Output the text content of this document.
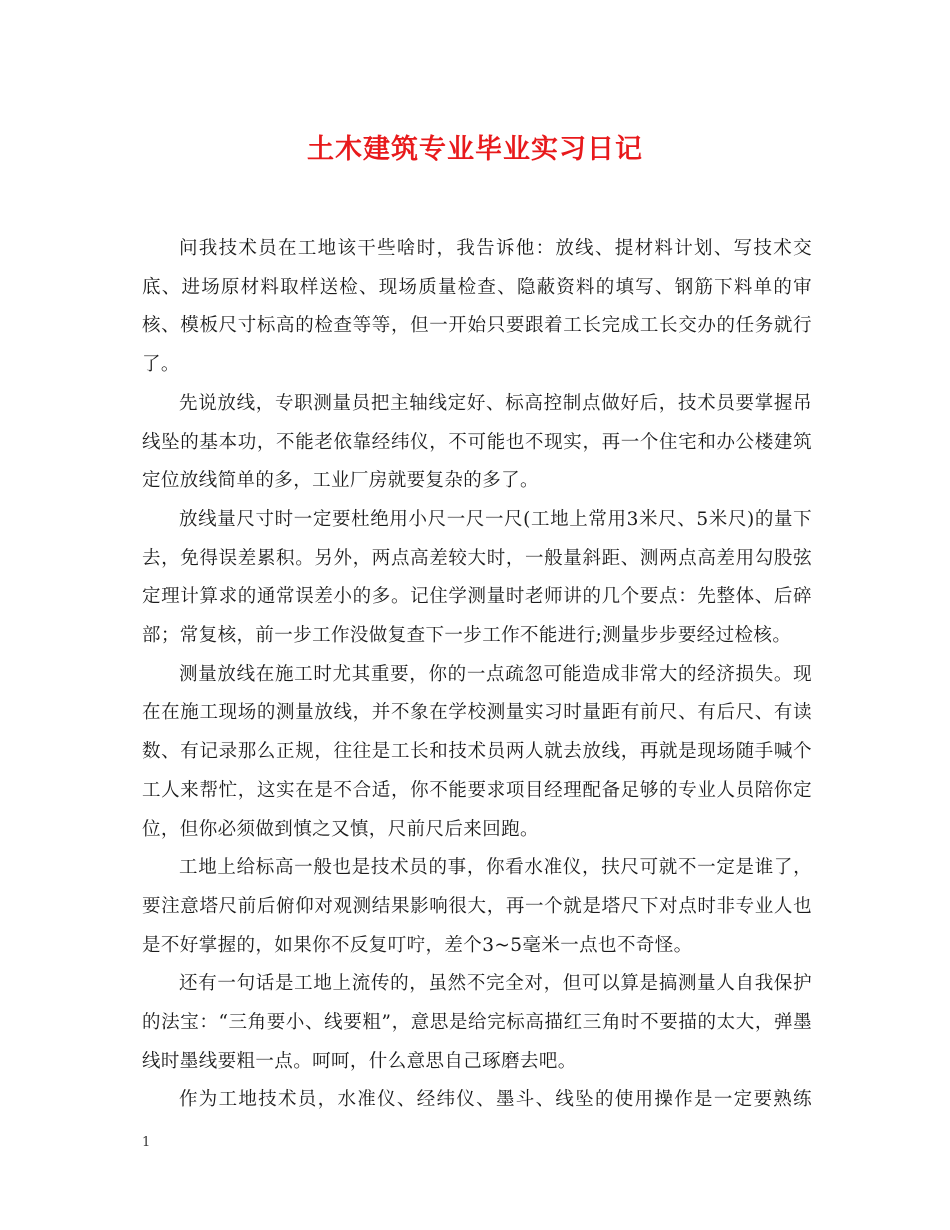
土木建筑专业毕业实习日记

问我技术员在工地该干些啥时，我告诉他：放线、提材料计划、写技术交底、进场原材料取样送检、现场质量检查、隐蔽资料的填写、钢筋下料单的审核、模板尺寸标高的检查等等，但一开始只要跟着工长完成工长交办的任务就行了。

先说放线，专职测量员把主轴线定好、标高控制点做好后，技术员要掌握吊线坠的基本功，不能老依靠经纬仪，不可能也不现实，再一个住宅和办公楼建筑定位放线简单的多，工业厂房就要复杂的多了。

放线量尺寸时一定要杜绝用小尺一尺一尺(工地上常用3米尺、5米尺)的量下去，免得误差累积。另外，两点高差较大时，一般量斜距、测两点高差用勾股弦定理计算求的通常误差小的多。记住学测量时老师讲的几个要点：先整体、后碎部；常复核，前一步工作没做复查下一步工作不能进行;测量步步要经过检核。

测量放线在施工时尤其重要，你的一点疏忽可能造成非常大的经济损失。现在在施工现场的测量放线，并不象在学校测量实习时量距有前尺、有后尺、有读数、有记录那么正规，往往是工长和技术员两人就去放线，再就是现场随手喊个工人来帮忙，这实在是不合适，你不能要求项目经理配备足够的专业人员陪你定位，但你必须做到慎之又慎，尺前尺后来回跑。

工地上给标高一般也是技术员的事，你看水准仪，扶尺可就不一定是谁了，要注意塔尺前后俯仰对观测结果影响很大，再一个就是塔尺下对点时非专业人也是不好掌握的，如果你不反复叮咛，差个3~5毫米一点也不奇怪。

还有一句话是工地上流传的，虽然不完全对，但可以算是搞测量人自我保护的法宝：“三角要小、线要粗”，意思是给完标高描红三角时不要描的太大，弹墨线时墨线要粗一点。呵呵，什么意思自己琢磨去吧。

作为工地技术员，水准仪、经纬仪、墨斗、线坠的使用操作是一定要熟练

1
